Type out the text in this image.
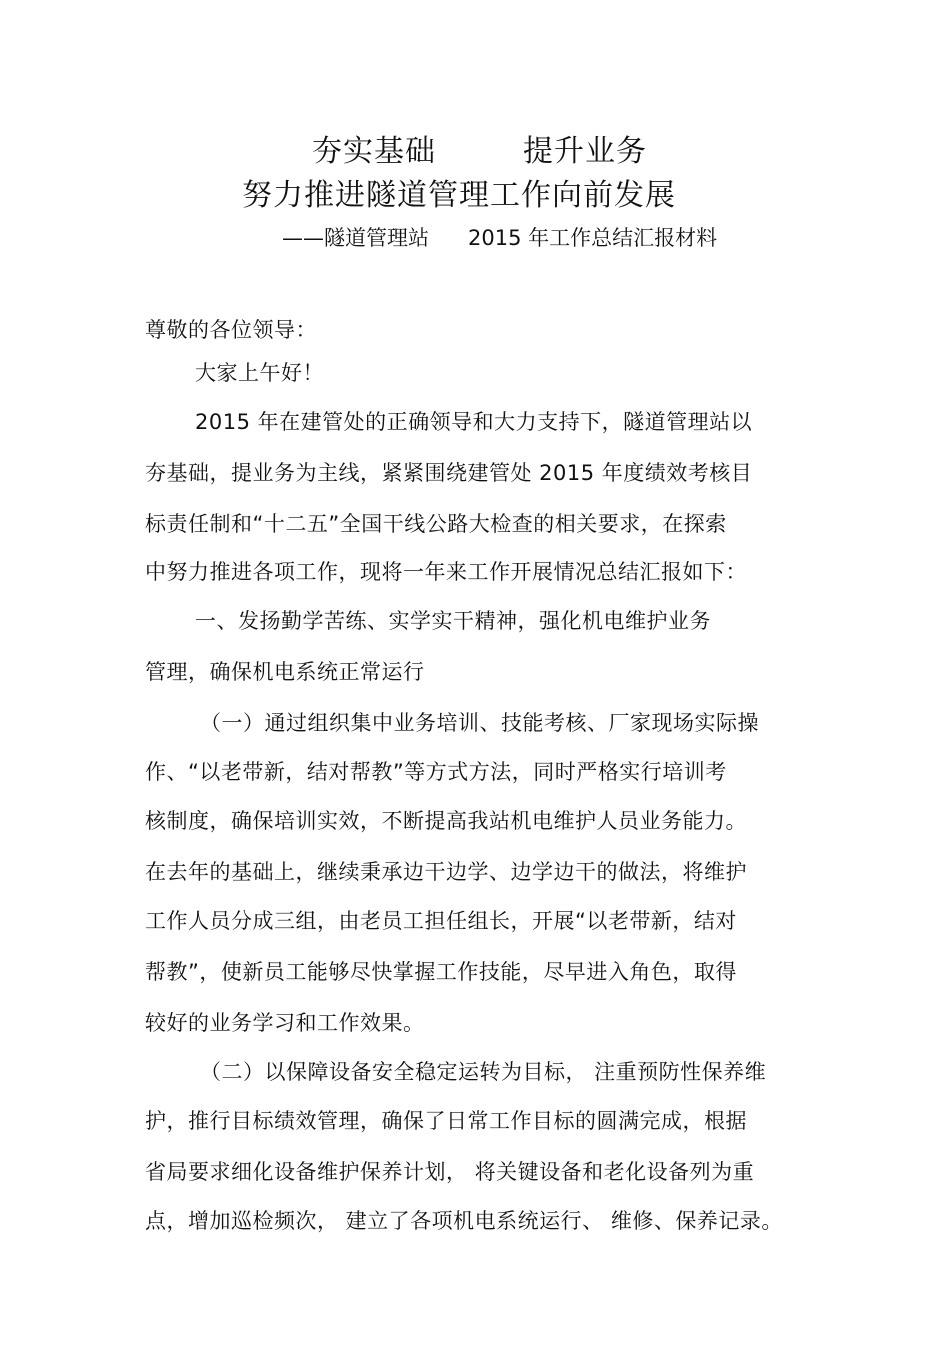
夯实基础	提升业务
努力推进隧道管理工作向前发展
——隧道管理站 2015 年工作总结汇报材料
尊敬的各位领导：
大家上午好！
2015 年在建管处的正确领导和大力支持下，隧道管理站以
夯基础，提业务为主线，紧紧围绕建管处 2015 年度绩效考核目
标责任制和“十二五”全国干线公路大检查的相关要求，在探索
中努力推进各项工作，现将一年来工作开展情况总结汇报如下：
一、发扬勤学苦练、实学实干精神，强化机电维护业务
管理，确保机电系统正常运行
（一）通过组织集中业务培训、技能考核、厂家现场实际操
作、“以老带新，结对帮教”等方式方法，同时严格实行培训考
核制度，确保培训实效，不断提高我站机电维护人员业务能力。
在去年的基础上，继续秉承边干边学、边学边干的做法，将维护
工作人员分成三组，由老员工担任组长，开展“以老带新，结对
帮教”，使新员工能够尽快掌握工作技能，尽早进入角色，取得
较好的业务学习和工作效果。
（二）以保障设备安全稳定运转为目标， 注重预防性保养维
护，推行目标绩效管理，确保了日常工作目标的圆满完成，根据
省局要求细化设备维护保养计划， 将关键设备和老化设备列为重
点，增加巡检频次， 建立了各项机电系统运行、 维修、保养记录。
